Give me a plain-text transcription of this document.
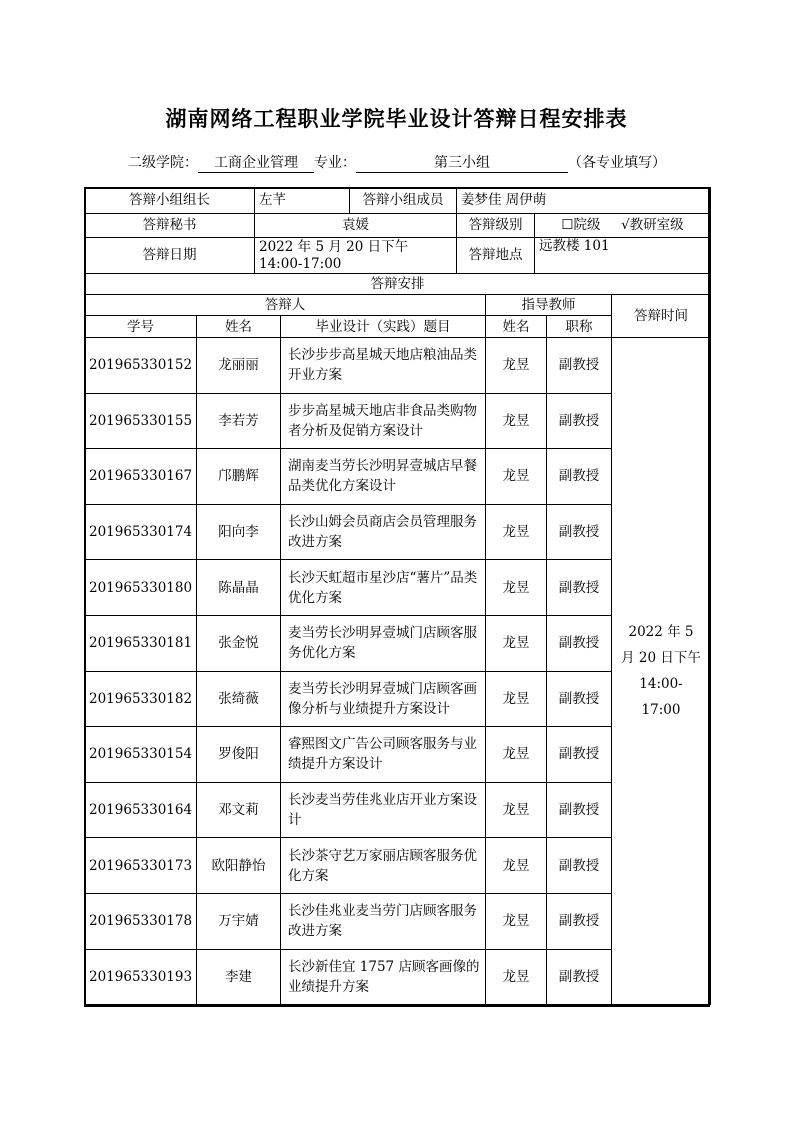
湖南网络工程职业学院毕业设计答辩日程安排表
二级学院： 工商企业管理 专业：	第三小组	（各专业填写）
答辩小组组长	左芊	答辩小组成员	姜梦佳 周伊萌	
答辩秘书	袁媛		答辩级别	☐院级 √教研室级
答辩日期	2022 年 5 月 20 日下午 14:00-17:00		答辩地点	远教楼 101
答辩安排				
答辩人			指导教师		答辩时间
学号	姓名	毕业设计（实践）题目	姓名	职称	
201965330152	龙丽丽	长沙步步高星城天地店粮油品类开业方案	龙昱	副教授	2022 年 5 月 20 日下午 14:00-17:00
201965330155	李若芳	步步高星城天地店非食品类购物者分析及促销方案设计	龙昱	副教授	
201965330167	邝鹏辉	湖南麦当劳长沙明昇壹城店早餐品类优化方案设计	龙昱	副教授	
201965330174	阳向李	长沙山姆会员商店会员管理服务改进方案	龙昱	副教授	
201965330180	陈晶晶	长沙天虹超市星沙店“薯片”品类优化方案	龙昱	副教授	
201965330181	张金悦	麦当劳长沙明昇壹城门店顾客服务优化方案	龙昱	副教授	
201965330182	张绮薇	麦当劳长沙明昇壹城门店顾客画像分析与业绩提升方案设计	龙昱	副教授	
201965330154	罗俊阳	睿熙图文广告公司顾客服务与业绩提升方案设计	龙昱	副教授	
201965330164	邓文莉	长沙麦当劳佳兆业店开业方案设计	龙昱	副教授	
201965330173	欧阳静怡	长沙茶守艺万家丽店顾客服务优化方案	龙昱	副教授	
201965330178	万宇婧	长沙佳兆业麦当劳门店顾客服务改进方案	龙昱	副教授	
201965330193	李建	长沙新佳宜 1757 店顾客画像的业绩提升方案	龙昱	副教授	
